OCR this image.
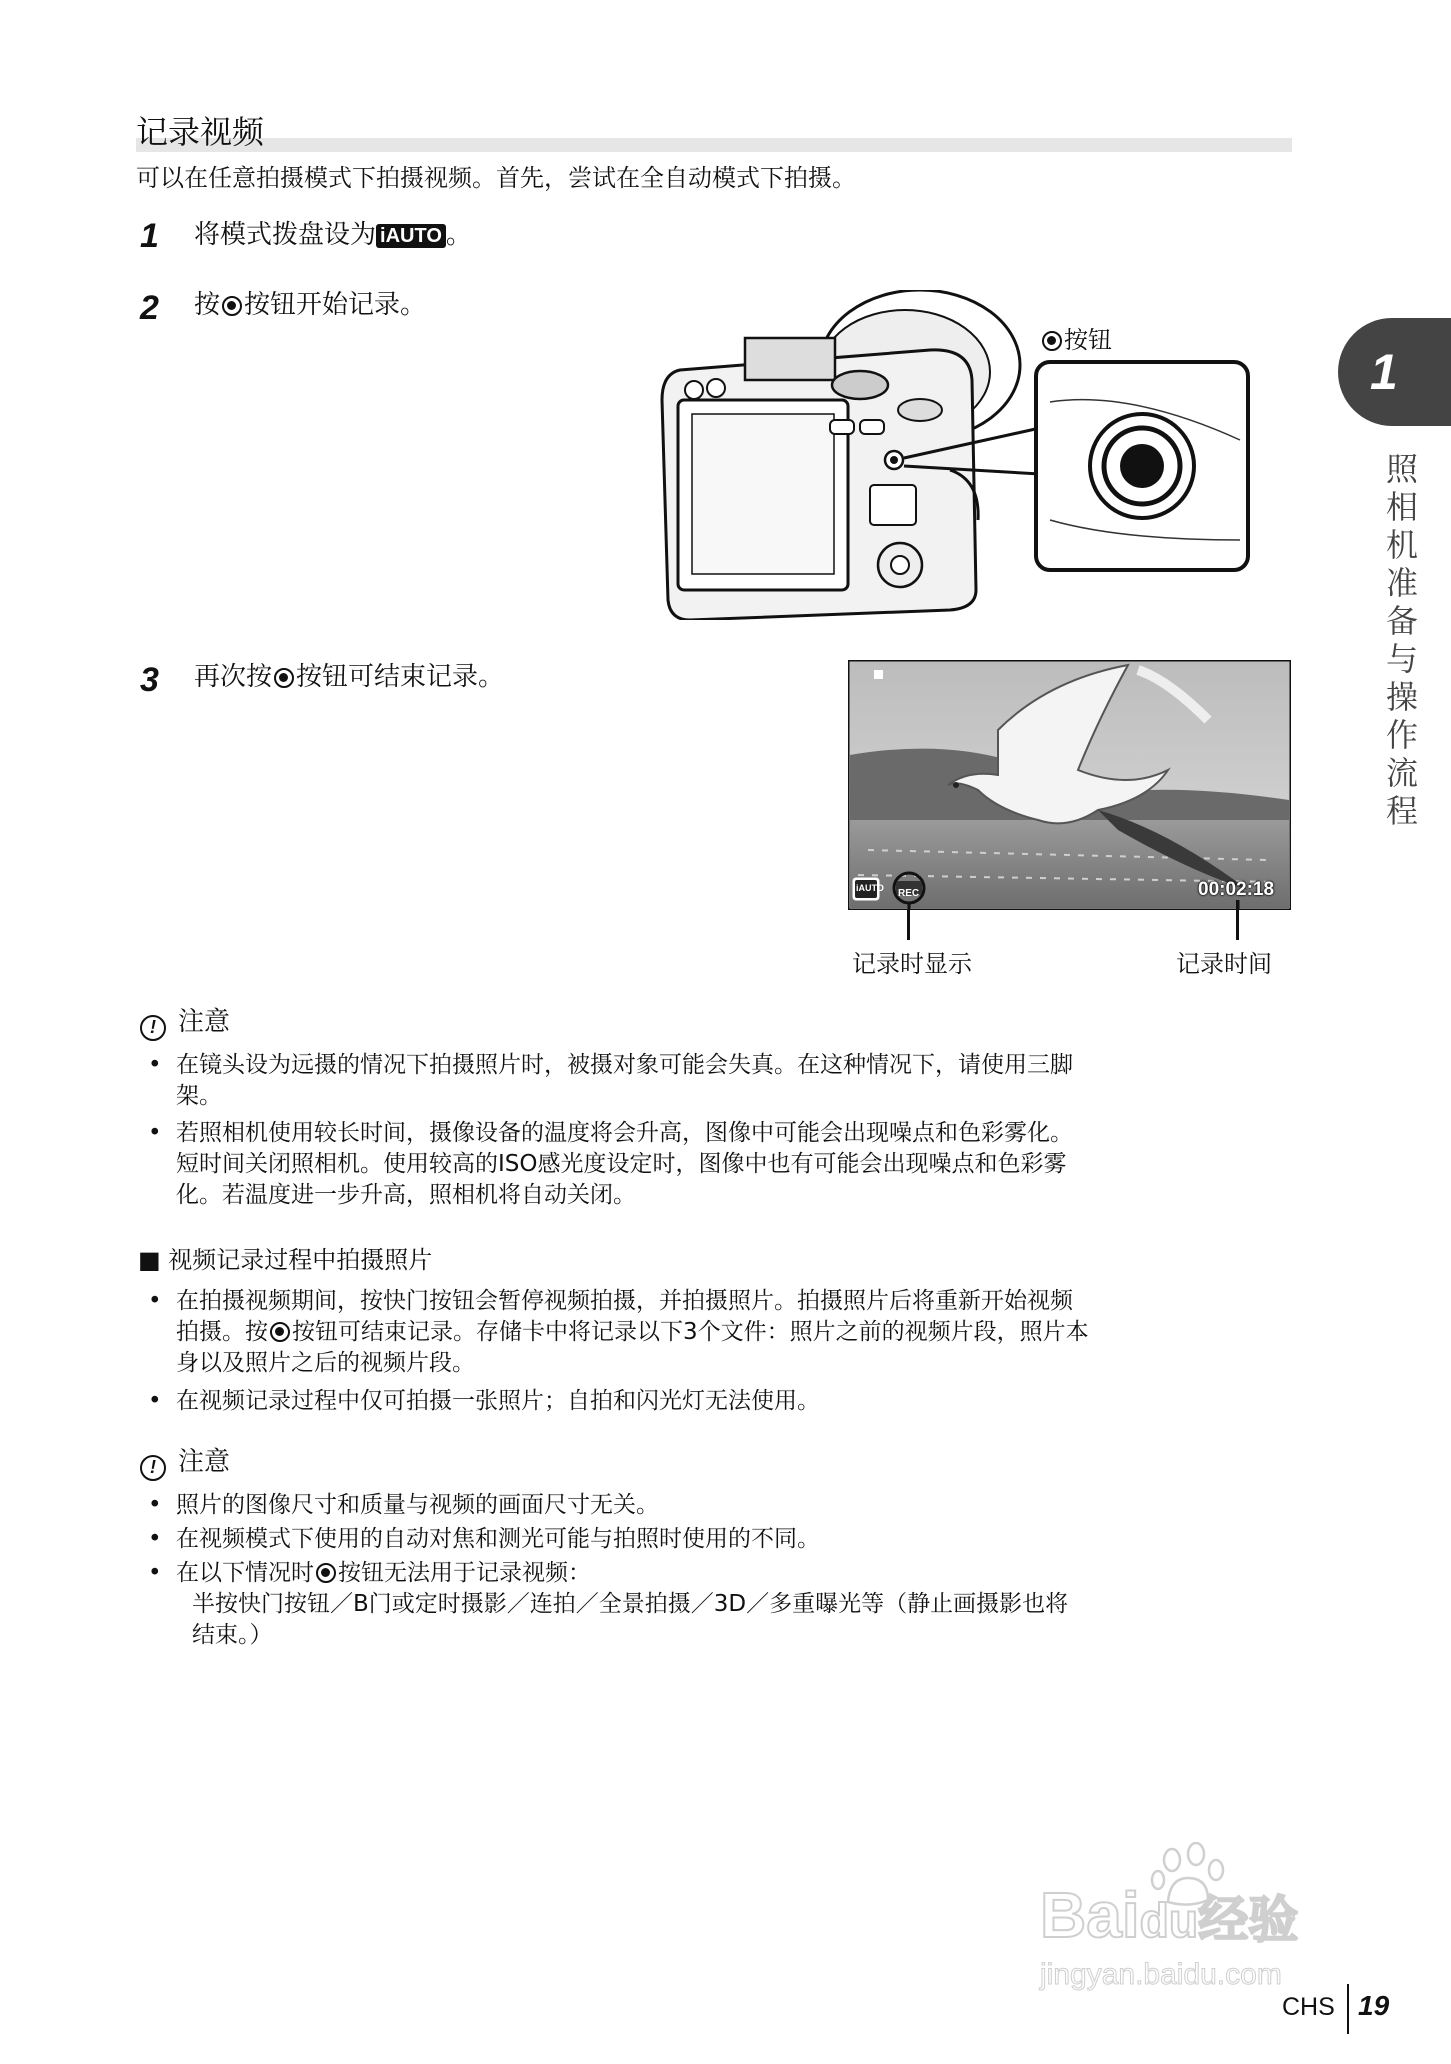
记录视频
可以在任意拍摄模式下拍摄视频。首先，尝试在全自动模式下拍摄。
1 将模式拨盘设为 iAUTO 。
2 按 按钮开始记录。
按钮
3 再次按 按钮可结束记录。
iAUTO REC	00:02:18
记录时显示	记录时间
! 注意
• 在镜头设为远摄的情况下拍摄照片时，被摄对象可能会失真。在这种情况下，请使用三脚
架。
• 若照相机使用较长时间，摄像设备的温度将会升高，图像中可能会出现噪点和色彩雾化。
短时间关闭照相机。使用较高的ISO感光度设定时，图像中也有可能会出现噪点和色彩雾
化。若温度进一步升高，照相机将自动关闭。
■ 视频记录过程中拍摄照片
• 在拍摄视频期间，按快门按钮会暂停视频拍摄，并拍摄照片。拍摄照片后将重新开始视频
拍摄。按 按钮可结束记录。存储卡中将记录以下3个文件：照片之前的视频片段，照片本
身以及照片之后的视频片段。
• 在视频记录过程中仅可拍摄一张照片；自拍和闪光灯无法使用。
! 注意
• 照片的图像尺寸和质量与视频的画面尺寸无关。
• 在视频模式下使用的自动对焦和测光可能与拍照时使用的不同。
• 在以下情况时 按钮无法用于记录视频：
半按快门按钮／B门或定时摄影／连拍／全景拍摄／3D／多重曝光等（静止画摄影也将
结束。）
1
照相机准备与操作流程
Baidu经验
jingyan.baidu.com
CHS 19
